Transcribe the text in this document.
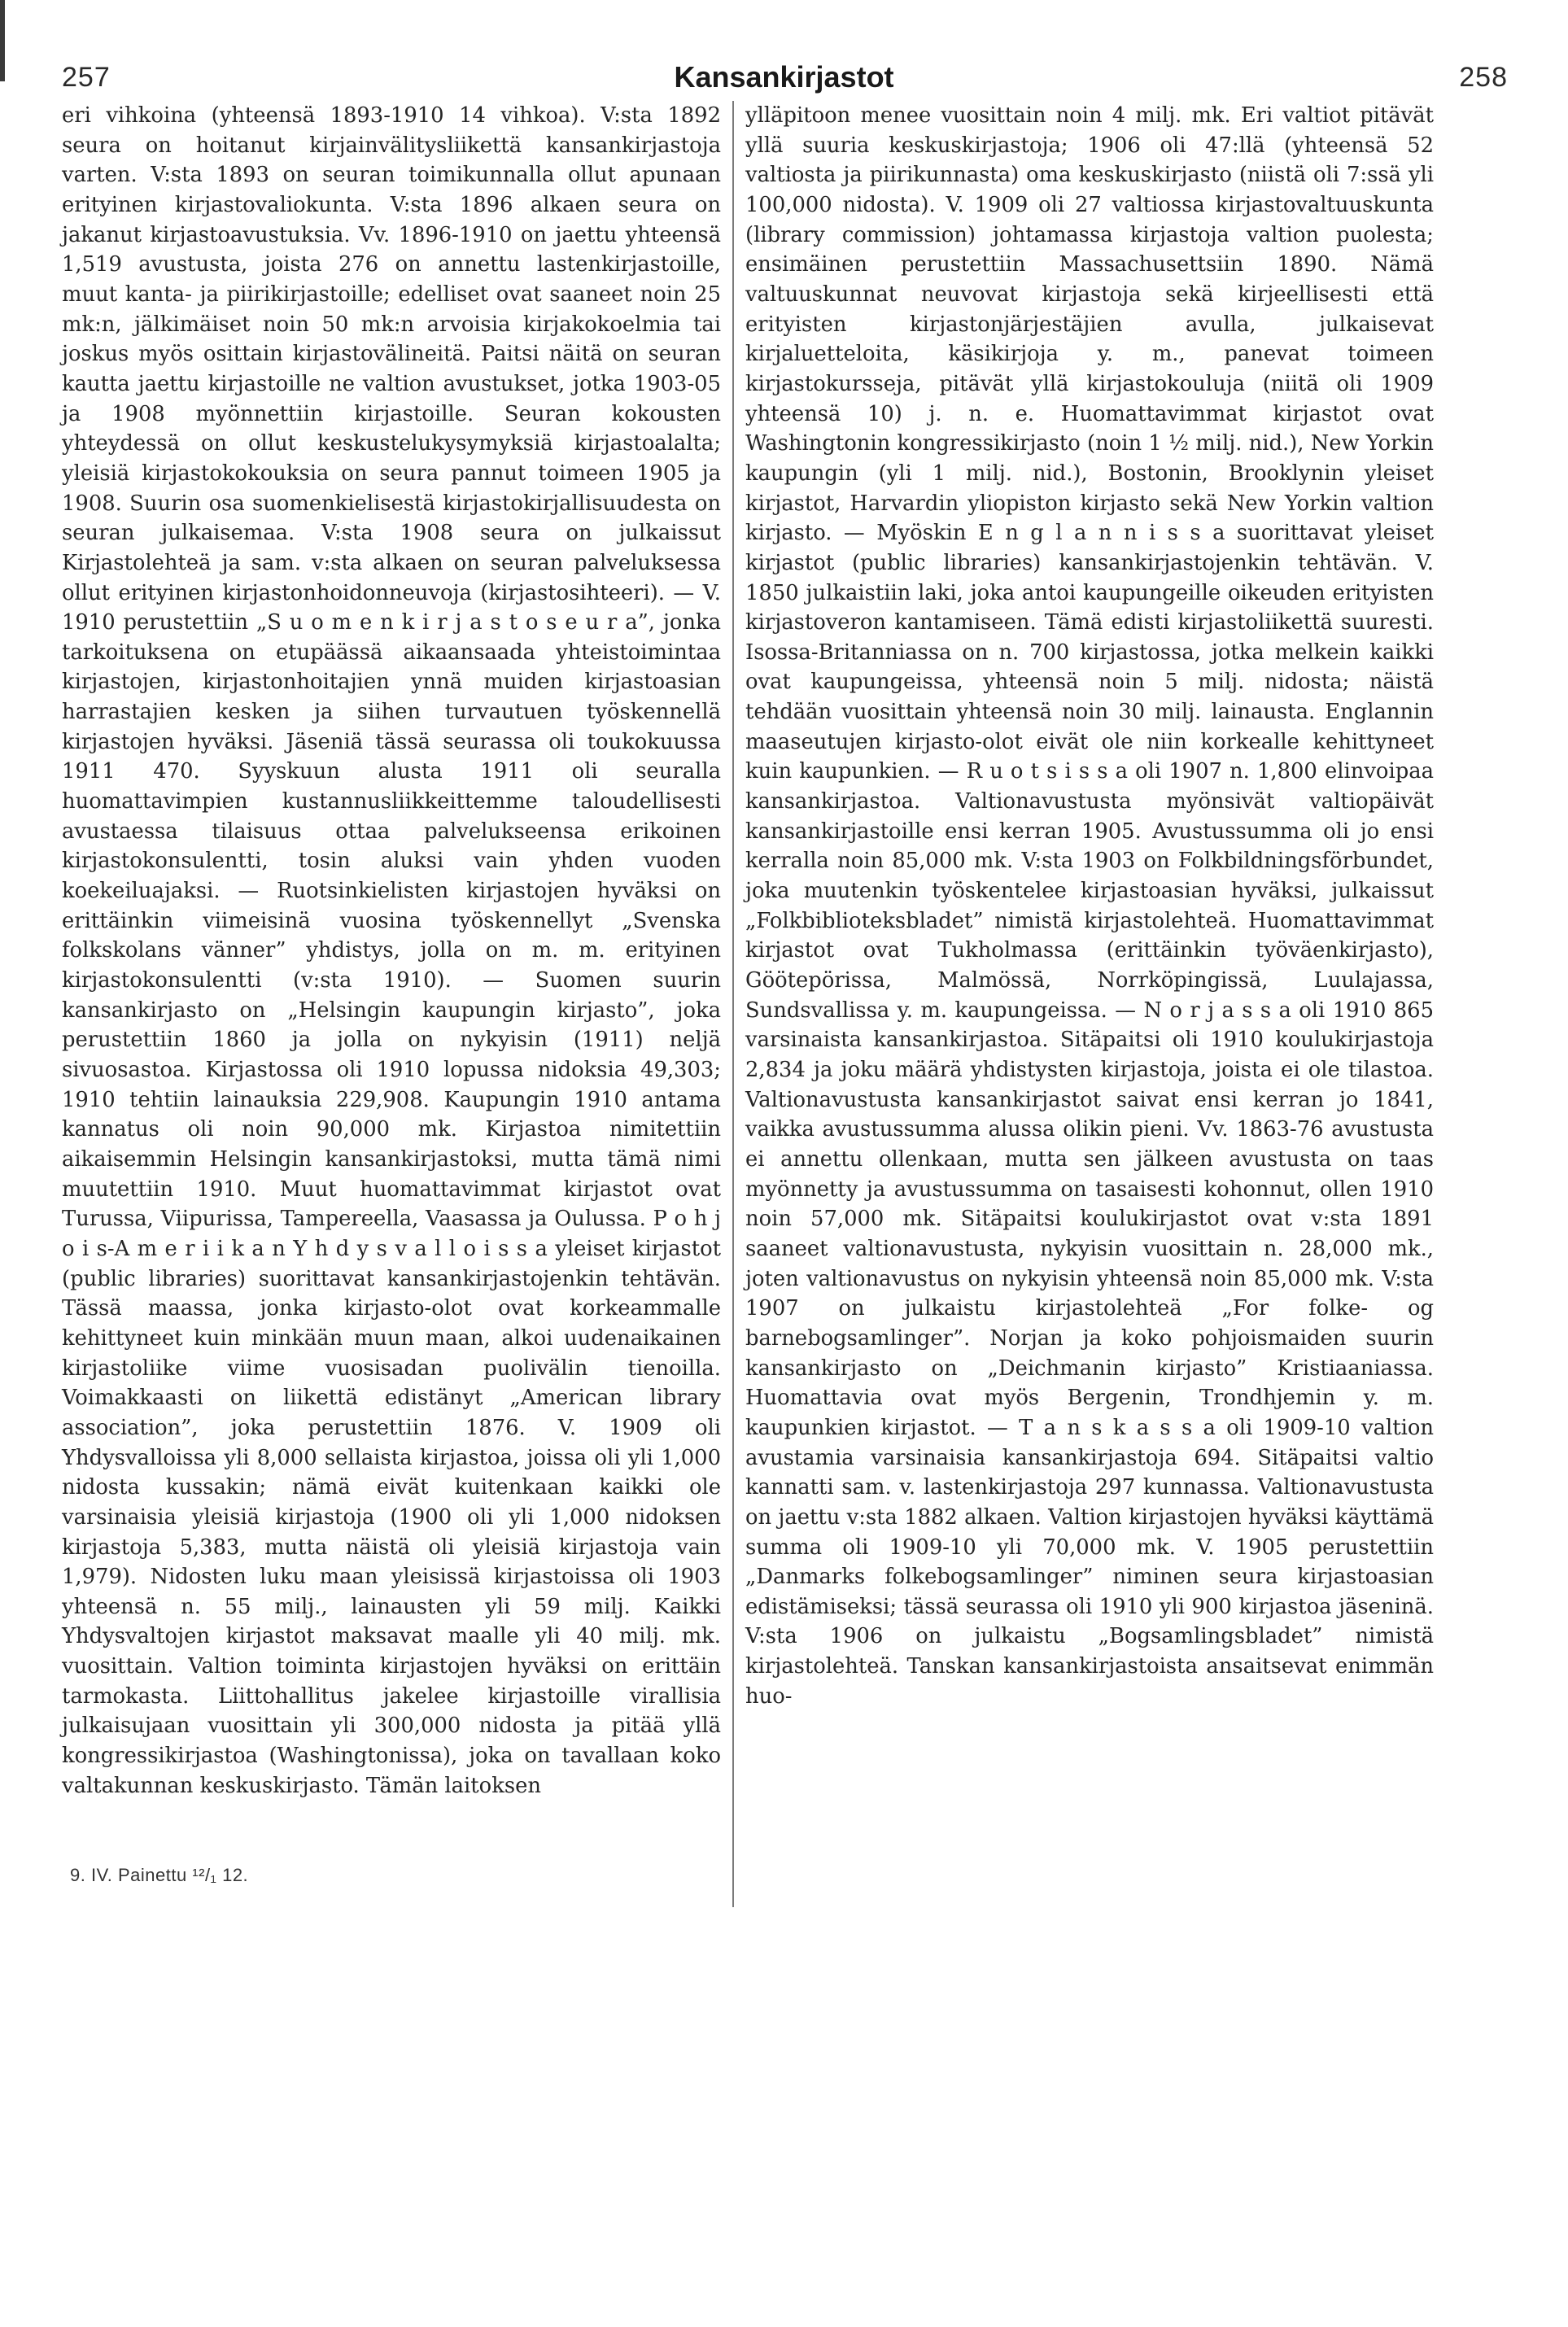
257	Kansankirjastot	258

eri vihkoina (yhteensä 1893-1910 14 vihkoa). V:sta 1892 seura on hoitanut kirjainvälitysliikettä kansankirjastoja varten. V:sta 1893 on seuran toimikunnalla ollut apunaan erityinen kirjastovaliokunta. V:sta 1896 alkaen seura on jakanut kirjastoavustuksia. Vv. 1896-1910 on jaettu yhteensä 1,519 avustusta, joista 276 on annettu lastenkirjastoille, muut kanta- ja piirikirjastoille; edelliset ovat saaneet noin 25 mk:n, jälkimäiset noin 50 mk:n arvoisia kirjakokoelmia tai joskus myös osittain kirjastovälineitä. Paitsi näitä on seuran kautta jaettu kirjastoille ne valtion avustukset, jotka 1903-05 ja 1908 myönnettiin kirjastoille. Seuran kokousten yhteydessä on ollut keskustelukysymyksiä kirjastoalalta; yleisiä kirjastokokouksia on seura pannut toimeen 1905 ja 1908. Suurin osa suomenkielisestä kirjastokirjallisuudesta on seuran julkaisemaa. V:sta 1908 seura on julkaissut Kirjastolehteä ja sam. v:sta alkaen on seuran palveluksessa ollut erityinen kirjastonhoidonneuvoja (kirjastosihteeri). — V. 1910 perustettiin „S u o m e n k i r j a s t o s e u r a”, jonka tarkoituksena on etupäässä aikaansaada yhteistoimintaa kirjastojen, kirjastonhoitajien ynnä muiden kirjastoasian harrastajien kesken ja siihen turvautuen työskennellä kirjastojen hyväksi. Jäseniä tässä seurassa oli toukokuussa 1911 470. Syyskuun alusta 1911 oli seuralla huomattavimpien kustannusliikkeittemme taloudellisesti avustaessa tilaisuus ottaa palvelukseensa erikoinen kirjastokonsulentti, tosin aluksi vain yhden vuoden koekeiluajaksi. — Ruotsinkielisten kirjastojen hyväksi on erittäinkin viimeisinä vuosina työskennellyt „Svenska folkskolans vänner” yhdistys, jolla on m. m. erityinen kirjastokonsulentti (v:sta 1910). — Suomen suurin kansankirjasto on „Helsingin kaupungin kirjasto”, joka perustettiin 1860 ja jolla on nykyisin (1911) neljä sivuosastoa. Kirjastossa oli 1910 lopussa nidoksia 49,303; 1910 tehtiin lainauksia 229,908. Kaupungin 1910 antama kannatus oli noin 90,000 mk. Kirjastoa nimitettiin aikaisemmin Helsingin kansankirjastoksi, mutta tämä nimi muutettiin 1910. Muut huomattavimmat kirjastot ovat Turussa, Viipurissa, Tampereella, Vaasassa ja Oulussa. P o h j o i s-A m e r i i k a n Y h d y s v a l l o i s s a yleiset kirjastot (public libraries) suorittavat kansankirjastojenkin tehtävän. Tässä maassa, jonka kirjasto-olot ovat korkeammalle kehittyneet kuin minkään muun maan, alkoi uudenaikainen kirjastoliike viime vuosisadan puolivälin tienoilla. Voimakkaasti on liikettä edistänyt „American library association”, joka perustettiin 1876. V. 1909 oli Yhdysvalloissa yli 8,000 sellaista kirjastoa, joissa oli yli 1,000 nidosta kussakin; nämä eivät kuitenkaan kaikki ole varsinaisia yleisiä kirjastoja (1900 oli yli 1,000 nidoksen kirjastoja 5,383, mutta näistä oli yleisiä kirjastoja vain 1,979). Nidosten luku maan yleisissä kirjastoissa oli 1903 yhteensä n. 55 milj., lainausten yli 59 milj. Kaikki Yhdysvaltojen kirjastot maksavat maalle yli 40 milj. mk. vuosittain. Valtion toiminta kirjastojen hyväksi on erittäin tarmokasta. Liittohallitus jakelee kirjastoille virallisia julkaisujaan vuosittain yli 300,000 nidosta ja pitää yllä kongressikirjastoa (Washingtonissa), joka on tavallaan koko valtakunnan keskuskirjasto. Tämän laitoksen

ylläpitoon menee vuosittain noin 4 milj. mk. Eri valtiot pitävät yllä suuria keskuskirjastoja; 1906 oli 47:llä (yhteensä 52 valtiosta ja piirikunnasta) oma keskuskirjasto (niistä oli 7:ssä yli 100,000 nidosta). V. 1909 oli 27 valtiossa kirjastovaltuuskunta (library commission) johtamassa kirjastoja valtion puolesta; ensimäinen perustettiin Massachusettsiin 1890. Nämä valtuuskunnat neuvovat kirjastoja sekä kirjeellisesti että erityisten kirjastonjärjestäjien avulla, julkaisevat kirjaluetteloita, käsikirjoja y. m., panevat toimeen kirjastokursseja, pitävät yllä kirjastokouluja (niitä oli 1909 yhteensä 10) j. n. e. Huomattavimmat kirjastot ovat Washingtonin kongressikirjasto (noin 1 ½ milj. nid.), New Yorkin kaupungin (yli 1 milj. nid.), Bostonin, Brooklynin yleiset kirjastot, Harvardin yliopiston kirjasto sekä New Yorkin valtion kirjasto. — Myöskin E n g l a n n i s s a suorittavat yleiset kirjastot (public libraries) kansankirjastojenkin tehtävän. V. 1850 julkaistiin laki, joka antoi kaupungeille oikeuden erityisten kirjastoveron kantamiseen. Tämä edisti kirjastoliikettä suuresti. Isossa-Britanniassa on n. 700 kirjastossa, jotka melkein kaikki ovat kaupungeissa, yhteensä noin 5 milj. nidosta; näistä tehdään vuosittain yhteensä noin 30 milj. lainausta. Englannin maaseutujen kirjasto-olot eivät ole niin korkealle kehittyneet kuin kaupunkien. — R u o t s i s s a oli 1907 n. 1,800 elinvoipaa kansankirjastoa. Valtionavustusta myönsivät valtiopäivät kansankirjastoille ensi kerran 1905. Avustussumma oli jo ensi kerralla noin 85,000 mk. V:sta 1903 on Folkbildningsförbundet, joka muutenkin työskentelee kirjastoasian hyväksi, julkaissut „Folkbiblioteksbladet” nimistä kirjastolehteä. Huomattavimmat kirjastot ovat Tukholmassa (erittäinkin työväenkirjasto), Göötepörissa, Malmössä, Norrköpingissä, Luulajassa, Sundsvallissa y. m. kaupungeissa. — N o r j a s s a oli 1910 865 varsinaista kansankirjastoa. Sitäpaitsi oli 1910 koulukirjastoja 2,834 ja joku määrä yhdistysten kirjastoja, joista ei ole tilastoa. Valtionavustusta kansankirjastot saivat ensi kerran jo 1841, vaikka avustussumma alussa olikin pieni. Vv. 1863-76 avustusta ei annettu ollenkaan, mutta sen jälkeen avustusta on taas myönnetty ja avustussumma on tasaisesti kohonnut, ollen 1910 noin 57,000 mk. Sitäpaitsi koulukirjastot ovat v:sta 1891 saaneet valtionavustusta, nykyisin vuosittain n. 28,000 mk., joten valtionavustus on nykyisin yhteensä noin 85,000 mk. V:sta 1907 on julkaistu kirjastolehteä „For folke- og barnebogsamlinger”. Norjan ja koko pohjoismaiden suurin kansankirjasto on „Deichmanin kirjasto” Kristiaaniassa. Huomattavia ovat myös Bergenin, Trondhjemin y. m. kaupunkien kirjastot. — T a n s k a s s a oli 1909-10 valtion avustamia varsinaisia kansankirjastoja 694. Sitäpaitsi valtio kannatti sam. v. lastenkirjastoja 297 kunnassa. Valtionavustusta on jaettu v:sta 1882 alkaen. Valtion kirjastojen hyväksi käyttämä summa oli 1909-10 yli 70,000 mk. V. 1905 perustettiin „Danmarks folkebogsamlinger” niminen seura kirjastoasian edistämiseksi; tässä seurassa oli 1910 yli 900 kirjastoa jäseninä. V:sta 1906 on julkaistu „Bogsamlingsbladet” nimistä kirjastolehteä. Tanskan kansankirjastoista ansaitsevat enimmän huo-

9. IV. Painettu ¹²/₁ 12.
